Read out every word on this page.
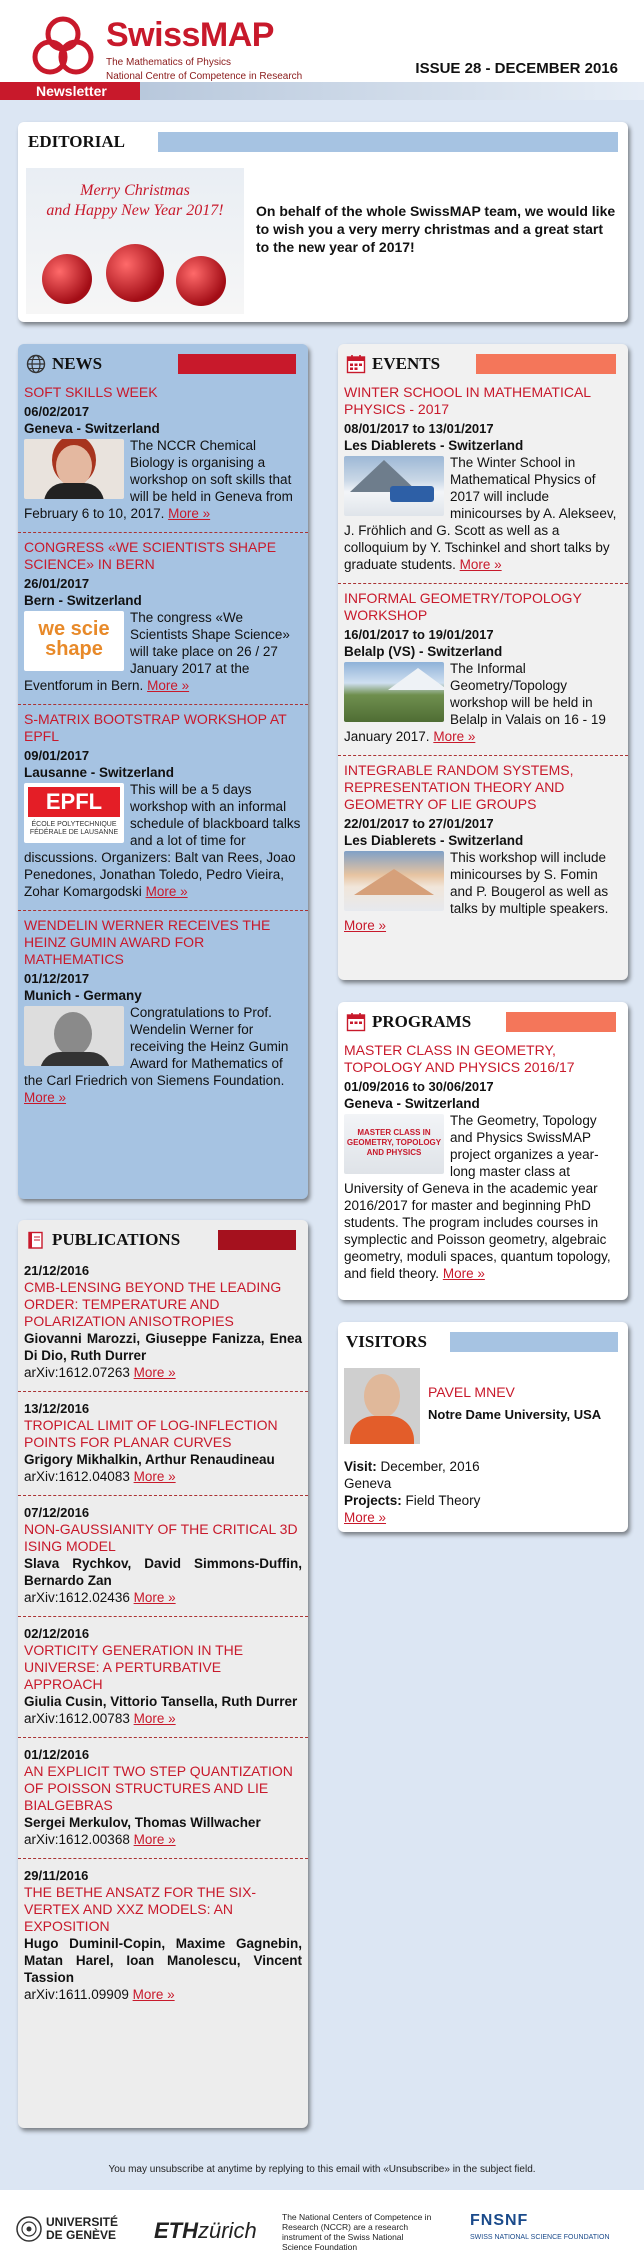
SwissMAP
The Mathematics of Physics
National Centre of Competence in Research	ISSUE 28 - DECEMBER 2016
Newsletter
EDITORIAL
Merry Christmas
and Happy New Year 2017!	On behalf of the whole SwissMAP team, we would like to wish you a very merry christmas and a great start to the new year of 2017!
NEWS
SOFT SKILLS WEEK
06/02/2017
Geneva - Switzerland
The NCCR Chemical Biology is organising a workshop on soft skills that will be held in Geneva from February 6 to 10, 2017. More »
CONGRESS «WE SCIENTISTS SHAPE SCIENCE» IN BERN
26/01/2017
Bern - Switzerland
we scie shape
The congress «We Scientists Shape Science» will take place on 26 / 27 January 2017 at the Eventforum in Bern. More »
S-MATRIX BOOTSTRAP WORKSHOP AT EPFL
09/01/2017
Lausanne - Switzerland
EPFL
ÉCOLE POLYTECHNIQUE FÉDÉRALE DE LAUSANNE
This will be a 5 days workshop with an informal schedule of blackboard talks and a lot of time for discussions. Organizers: Balt van Rees, Joao Penedones, Jonathan Toledo, Pedro Vieira, Zohar Komargodski More »
WENDELIN WERNER RECEIVES THE HEINZ GUMIN AWARD FOR MATHEMATICS
01/12/2017
Munich - Germany
Congratulations to Prof. Wendelin Werner for receiving the Heinz Gumin Award for Mathematics of the Carl Friedrich von Siemens Foundation. More »
EVENTS
WINTER SCHOOL IN MATHEMATICAL PHYSICS - 2017
08/01/2017 to 13/01/2017
Les Diablerets - Switzerland
The Winter School in Mathematical Physics of 2017 will include minicourses by A. Alekseev, J. Fröhlich and G. Scott as well as a colloquium by Y. Tschinkel and short talks by graduate students. More »
INFORMAL GEOMETRY/TOPOLOGY WORKSHOP
16/01/2017 to 19/01/2017
Belalp (VS) - Switzerland
The Informal Geometry/Topology workshop will be held in Belalp in Valais on 16 - 19 January 2017. More »
INTEGRABLE RANDOM SYSTEMS, REPRESENTATION THEORY AND GEOMETRY OF LIE GROUPS
22/01/2017 to 27/01/2017
Les Diablerets - Switzerland
This workshop will include minicourses by S. Fomin and P. Bougerol as well as talks by multiple speakers. More »
PROGRAMS
MASTER CLASS IN GEOMETRY, TOPOLOGY AND PHYSICS 2016/17
01/09/2016 to 30/06/2017
Geneva - Switzerland
MASTER CLASS IN GEOMETRY, TOPOLOGY AND PHYSICS
The Geometry, Topology and Physics SwissMAP project organizes a year-long master class at University of Geneva in the academic year 2016/2017 for master and beginning PhD students. The program includes courses in symplectic and Poisson geometry, algebraic geometry, moduli spaces, quantum topology, and field theory. More »
VISITORS
PAVEL MNEV
Notre Dame University, USA
Visit: December, 2016
Geneva
Projects: Field Theory
More »
PUBLICATIONS
21/12/2016
CMB-LENSING BEYOND THE LEADING ORDER: TEMPERATURE AND POLARIZATION ANISOTROPIES
Giovanni Marozzi, Giuseppe Fanizza, Enea Di Dio, Ruth Durrer
arXiv:1612.07263 More »
13/12/2016
TROPICAL LIMIT OF LOG-INFLECTION POINTS FOR PLANAR CURVES
Grigory Mikhalkin, Arthur Renaudineau
arXiv:1612.04083 More »
07/12/2016
NON-GAUSSIANITY OF THE CRITICAL 3D ISING MODEL
Slava Rychkov, David Simmons-Duffin, Bernardo Zan
arXiv:1612.02436 More »
02/12/2016
VORTICITY GENERATION IN THE UNIVERSE: A PERTURBATIVE APPROACH
Giulia Cusin, Vittorio Tansella, Ruth Durrer
arXiv:1612.00783 More »
01/12/2016
AN EXPLICIT TWO STEP QUANTIZATION OF POISSON STRUCTURES AND LIE BIALGEBRAS
Sergei Merkulov, Thomas Willwacher
arXiv:1612.00368 More »
29/11/2016
THE BETHE ANSATZ FOR THE SIX-VERTEX AND XXZ MODELS: AN EXPOSITION
Hugo Duminil-Copin, Maxime Gagnebin, Matan Harel, Ioan Manolescu, Vincent Tassion
arXiv:1611.09909 More »
You may unsubscribe at anytime by replying to this email with «Unsubscribe» in the subject field.
UNIVERSITÉ
DE GENÈVE ETHzürich
The National Centers of Competence in Research (NCCR) are a research instrument of the Swiss National Science Foundation
FNSNF
SWISS NATIONAL SCIENCE FOUNDATION
